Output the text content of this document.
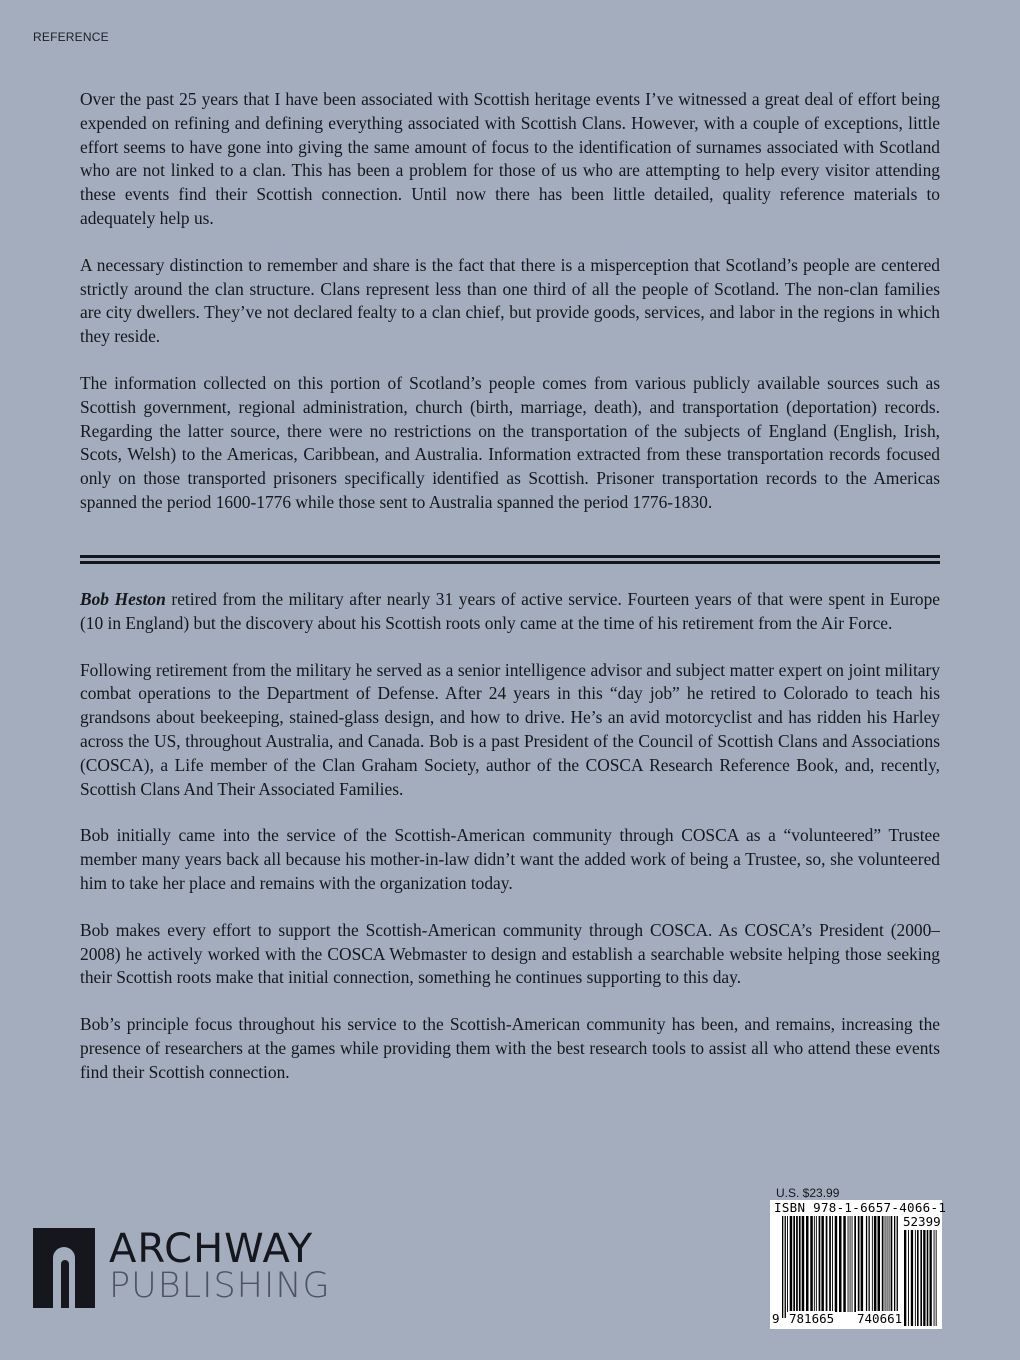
REFERENCE

Over the past 25 years that I have been associated with Scottish heritage events I’ve witnessed a great deal of effort being expended on refining and defining everything associated with Scottish Clans. However, with a couple of exceptions, little effort seems to have gone into giving the same amount of focus to the identification of surnames associated with Scotland who are not linked to a clan. This has been a problem for those of us who are attempting to help every visitor attending these events find their Scottish connection. Until now there has been little detailed, quality reference materials to adequately help us.

A necessary distinction to remember and share is the fact that there is a misperception that Scotland’s people are centered strictly around the clan structure. Clans represent less than one third of all the people of Scotland. The non-clan families are city dwellers. They’ve not declared fealty to a clan chief, but provide goods, services, and labor in the regions in which they reside.

The information collected on this portion of Scotland’s people comes from various publicly available sources such as Scottish government, regional administration, church (birth, marriage, death), and transportation (deportation) records. Regarding the latter source, there were no restrictions on the transportation of the subjects of England (English, Irish, Scots, Welsh) to the Americas, Caribbean, and Australia. Information extracted from these transportation records focused only on those transported prisoners specifically identified as Scottish. Prisoner transportation records to the Americas spanned the period 1600-1776 while those sent to Australia spanned the period 1776-1830.

Bob Heston retired from the military after nearly 31 years of active service. Fourteen years of that were spent in Europe (10 in England) but the discovery about his Scottish roots only came at the time of his retirement from the Air Force.

Following retirement from the military he served as a senior intelligence advisor and subject matter expert on joint military combat operations to the Department of Defense. After 24 years in this “day job” he retired to Colorado to teach his grandsons about beekeeping, stained-glass design, and how to drive. He’s an avid motorcyclist and has ridden his Harley across the US, throughout Australia, and Canada. Bob is a past President of the Council of Scottish Clans and Associations (COSCA), a Life member of the Clan Graham Society, author of the COSCA Research Reference Book, and, recently, Scottish Clans And Their Associated Families.

Bob initially came into the service of the Scottish-American community through COSCA as a “volunteered” Trustee member many years back all because his mother-in-law didn’t want the added work of being a Trustee, so, she volunteered him to take her place and remains with the organization today.

Bob makes every effort to support the Scottish-American community through COSCA. As COSCA’s President (2000–2008) he actively worked with the COSCA Webmaster to design and establish a searchable website helping those seeking their Scottish roots make that initial connection, something he continues supporting to this day.

Bob’s principle focus throughout his service to the Scottish-American community has been, and remains, increasing the presence of researchers at the games while providing them with the best research tools to assist all who attend these events find their Scottish connection.

ARCHWAY
PUBLISHING
U.S. $23.99
ISBN 978-1-6657-4066-1
52399
9 781665 740661
